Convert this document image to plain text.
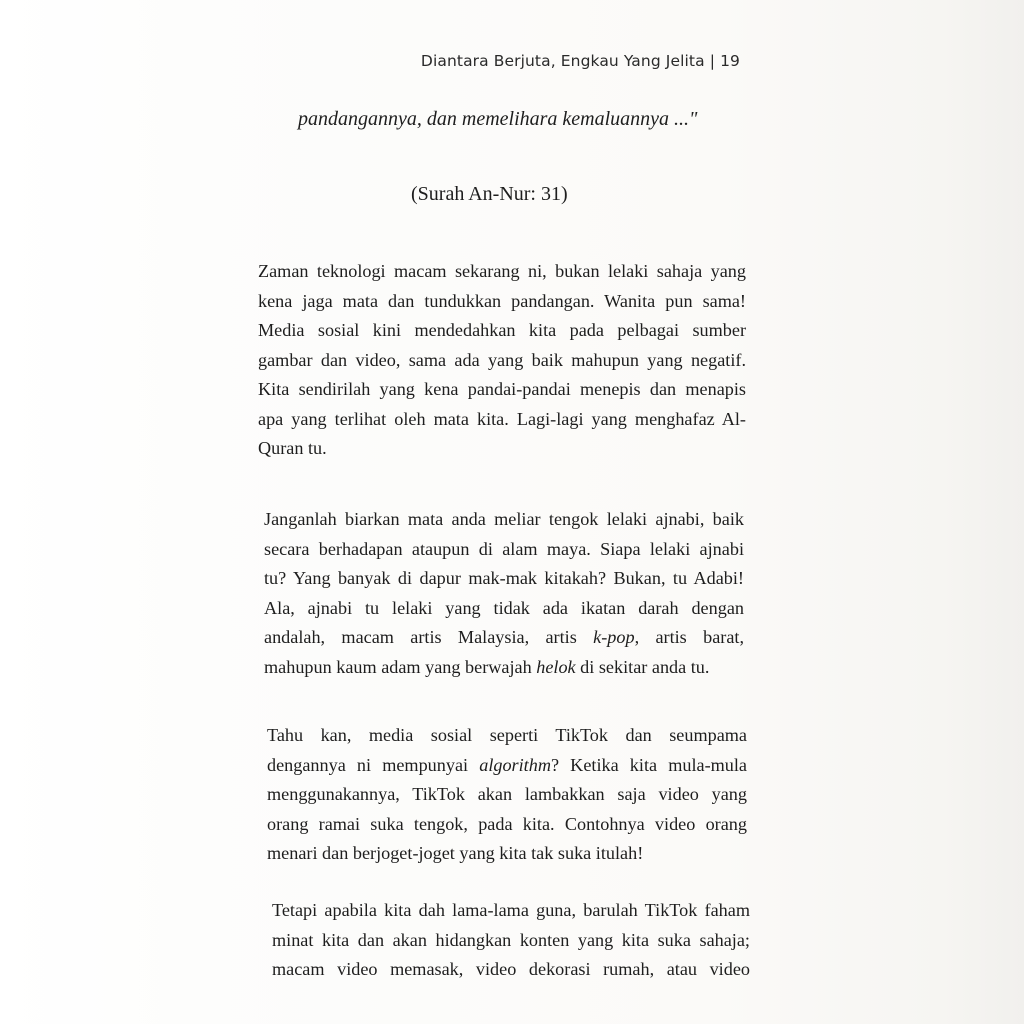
Diantara Berjuta, Engkau Yang Jelita | 19
pandangannya, dan memelihara kemaluannya ..."
(Surah An-Nur: 31)
Zaman teknologi macam sekarang ni, bukan lelaki sahaja yang
kena jaga mata dan tundukkan pandangan. Wanita pun sama!
Media sosial kini mendedahkan kita pada pelbagai sumber
gambar dan video, sama ada yang baik mahupun yang negatif.
Kita sendirilah yang kena pandai-pandai menepis dan menapis
apa yang terlihat oleh mata kita. Lagi-lagi yang menghafaz Al-
Quran tu.
Janganlah biarkan mata anda meliar tengok lelaki ajnabi, baik
secara berhadapan ataupun di alam maya. Siapa lelaki ajnabi
tu? Yang banyak di dapur mak-mak kitakah? Bukan, tu Adabi!
Ala, ajnabi tu lelaki yang tidak ada ikatan darah dengan
andalah, macam artis Malaysia, artis k-pop, artis barat,
mahupun kaum adam yang berwajah helok di sekitar anda tu.
Tahu kan, media sosial seperti TikTok dan seumpama
dengannya ni mempunyai algorithm? Ketika kita mula-mula
menggunakannya, TikTok akan lambakkan saja video yang
orang ramai suka tengok, pada kita. Contohnya video orang
menari dan berjoget-joget yang kita tak suka itulah!
Tetapi apabila kita dah lama-lama guna, barulah TikTok faham
minat kita dan akan hidangkan konten yang kita suka sahaja;
macam video memasak, video dekorasi rumah, atau video
